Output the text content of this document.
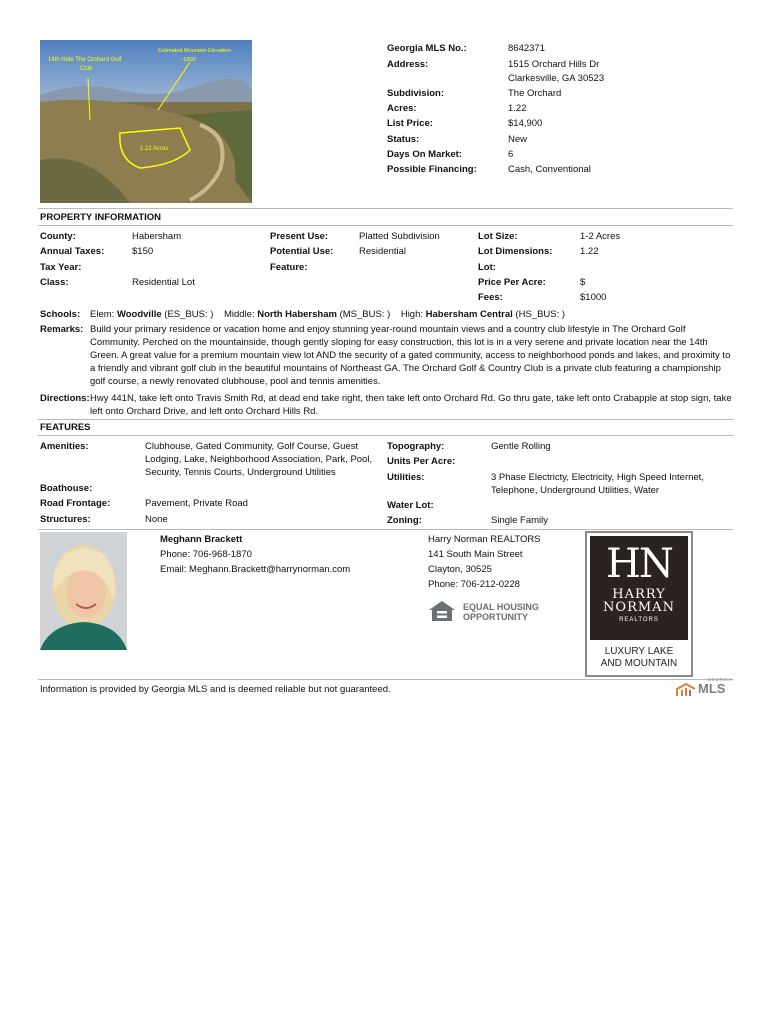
14th Hole The Orchard Golf
Club
Estimated Mountain Elevation
~1800'
1.22 Acres
Georgia MLS No.:	8642371
Address:	1515 Orchard Hills Dr
Clarkesville, GA 30523
Subdivision:	The Orchard
Acres:	1.22
List Price:	$14,900
Status:	New
Days On Market:	6
Possible Financing:	Cash, Conventional
PROPERTY INFORMATION
County:	Habersham
Annual Taxes:	$150
Tax Year:
Class:	Residential Lot
Present Use:	Platted Subdivision
Potential Use:	Residential
Feature:
Lot Size:	1-2 Acres
Lot Dimensions:	1.22
Lot:
Price Per Acre:	$
Fees:	$1000
Schools: Elem: Woodville (ES_BUS: ) Middle: North Habersham (MS_BUS: ) High: Habersham Central (HS_BUS: )
Remarks: Build your primary residence or vacation home and enjoy stunning year-round mountain views and a country club lifestyle in The Orchard Golf Community. Perched on the mountainside, though gently sloping for easy construction, this lot is in a very serene and private location near the 14th Green. A great value for a premium mountain view lot AND the security of a gated community, access to neighborhood ponds and lakes, and proximity to a friendly and vibrant golf club in the beautiful mountains of Northeast GA. The Orchard Golf & Country Club is a private club featuring a championship golf course, a newly renovated clubhouse, pool and tennis amenities.
Directions: Hwy 441N, take left onto Travis Smith Rd, at dead end take right, then take left onto Orchard Rd. Go thru gate, take left onto Crabapple at stop sign, take left onto Orchard Drive, and left onto Orchard Hills Rd.
FEATURES
Amenities:	Clubhouse, Gated Community, Golf Course, Guest Lodging, Lake, Neighborhood Association, Park, Pool, Security, Tennis Courts, Underground Utilities
Boathouse:
Road Frontage:	Pavement, Private Road
Structures:	None
Topography:	Gentle Rolling
Units Per Acre:
Utilities:	3 Phase Electricty, Electricity, High Speed Internet, Telephone, Underground Utilities, Water
Water Lot:
Zoning:	Single Family
Meghann Brackett
Phone: 706-968-1870
Email: Meghann.Brackett@harrynorman.com
Harry Norman REALTORS
141 South Main Street
Clayton, 30525
Phone: 706-212-0228
EQUAL HOUSING
OPPORTUNITY
HN
HARRY
NORMAN
REALTORS
LUXURY LAKE
AND MOUNTAIN
Information is provided by Georgia MLS and is deemed reliable but not guaranteed.
GEORGIA
MLS
